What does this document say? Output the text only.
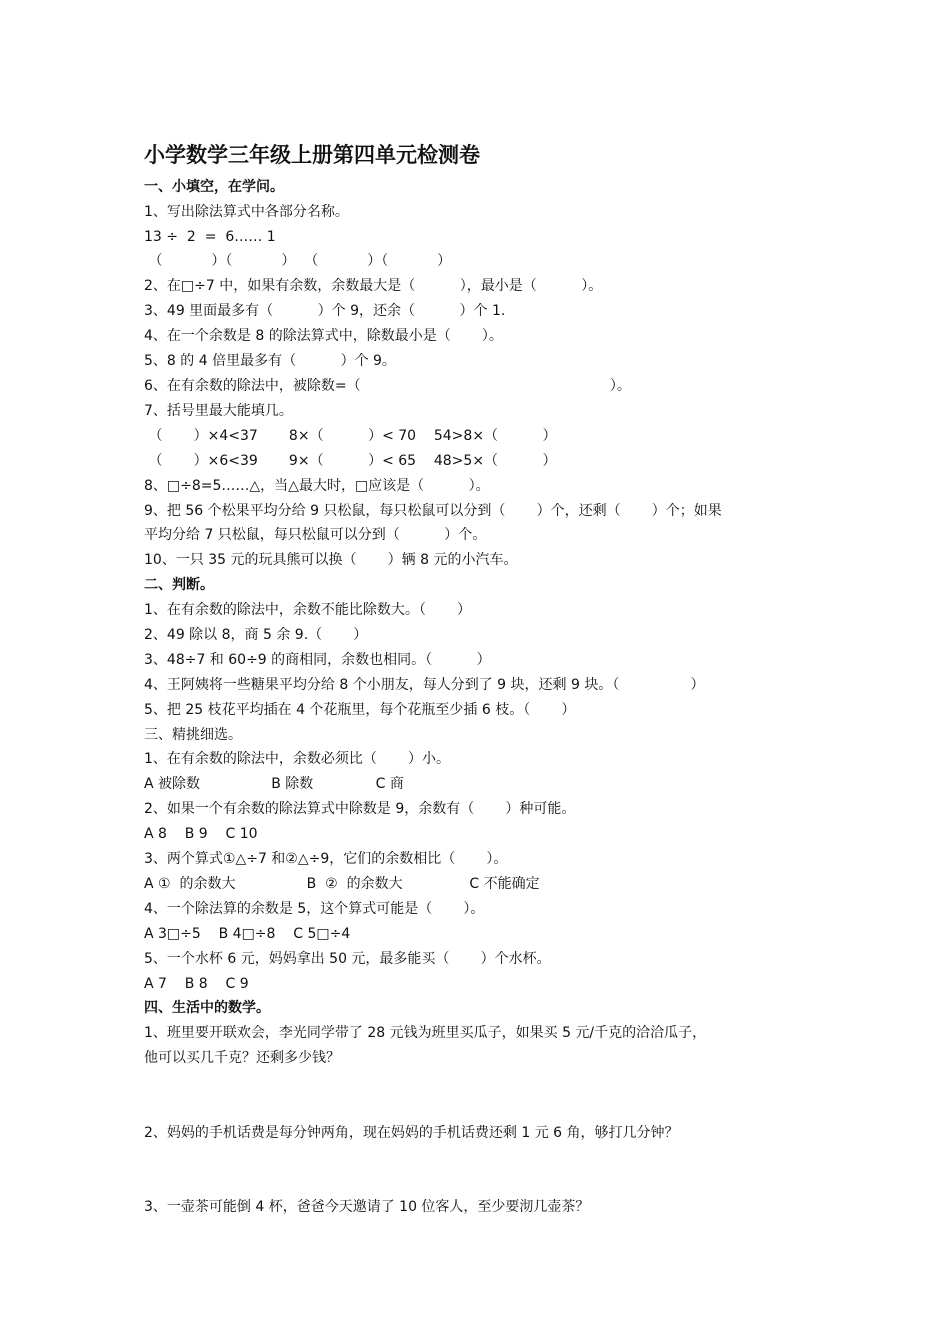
小学数学三年级上册第四单元检测卷
一、小填空，在学问。
1、写出除法算式中各部分名称。
13 ÷  2  =  6…… 1
（           ）（           ）  （           ）（           ）
2、在□÷7 中，如果有余数，余数最大是（          ），最小是（          ）。
3、49 里面最多有（          ）个 9，还余（          ）个 1.
4、在一个余数是 8 的除法算式中，除数最小是（       ）。
5、8 的 4 倍里最多有（          ）个 9。
6、在有余数的除法中，被除数=（                                                        ）。
7、括号里最大能填几。
（       ）×4<37       8×（          ）< 70    54>8×（          ）
（       ）×6<39       9×（          ）< 65    48>5×（          ）
8、□÷8=5……△，当△最大时，□应该是（          ）。
9、把 56 个松果平均分给 9 只松鼠，每只松鼠可以分到（       ）个，还剩（       ）个；如果
平均分给 7 只松鼠，每只松鼠可以分到（          ）个。
10、一只 35 元的玩具熊可以换（       ）辆 8 元的小汽车。
二、判断。
1、在有余数的除法中，余数不能比除数大。（       ）
2、49 除以 8，商 5 余 9.（       ）
3、48÷7 和 60÷9 的商相同，余数也相同。（          ）
4、王阿姨将一些糖果平均分给 8 个小朋友，每人分到了 9 块，还剩 9 块。（                ）
5、把 25 枝花平均插在 4 个花瓶里，每个花瓶至少插 6 枝。（       ）
三、精挑细选。
1、在有余数的除法中，余数必须比（       ）小。
A 被除数                B 除数              C 商
2、如果一个有余数的除法算式中除数是 9，余数有（       ）种可能。
A 8    B 9    C 10
3、两个算式①△÷7 和②△÷9，它们的余数相比（       ）。
A ①  的余数大                B  ②  的余数大               C 不能确定
4、一个除法算的余数是 5，这个算式可能是（       ）。
A 3□÷5    B 4□÷8    C 5□÷4
5、一个水杯 6 元，妈妈拿出 50 元，最多能买（       ）个水杯。
A 7    B 8    C 9
四、生活中的数学。
1、班里要开联欢会，李光同学带了 28 元钱为班里买瓜子，如果买 5 元/千克的洽洽瓜子，
他可以买几千克？还剩多少钱？
2、妈妈的手机话费是每分钟两角，现在妈妈的手机话费还剩 1 元 6 角，够打几分钟？
3、一壶茶可能倒 4 杯，爸爸今天邀请了 10 位客人，至少要沏几壶茶？
